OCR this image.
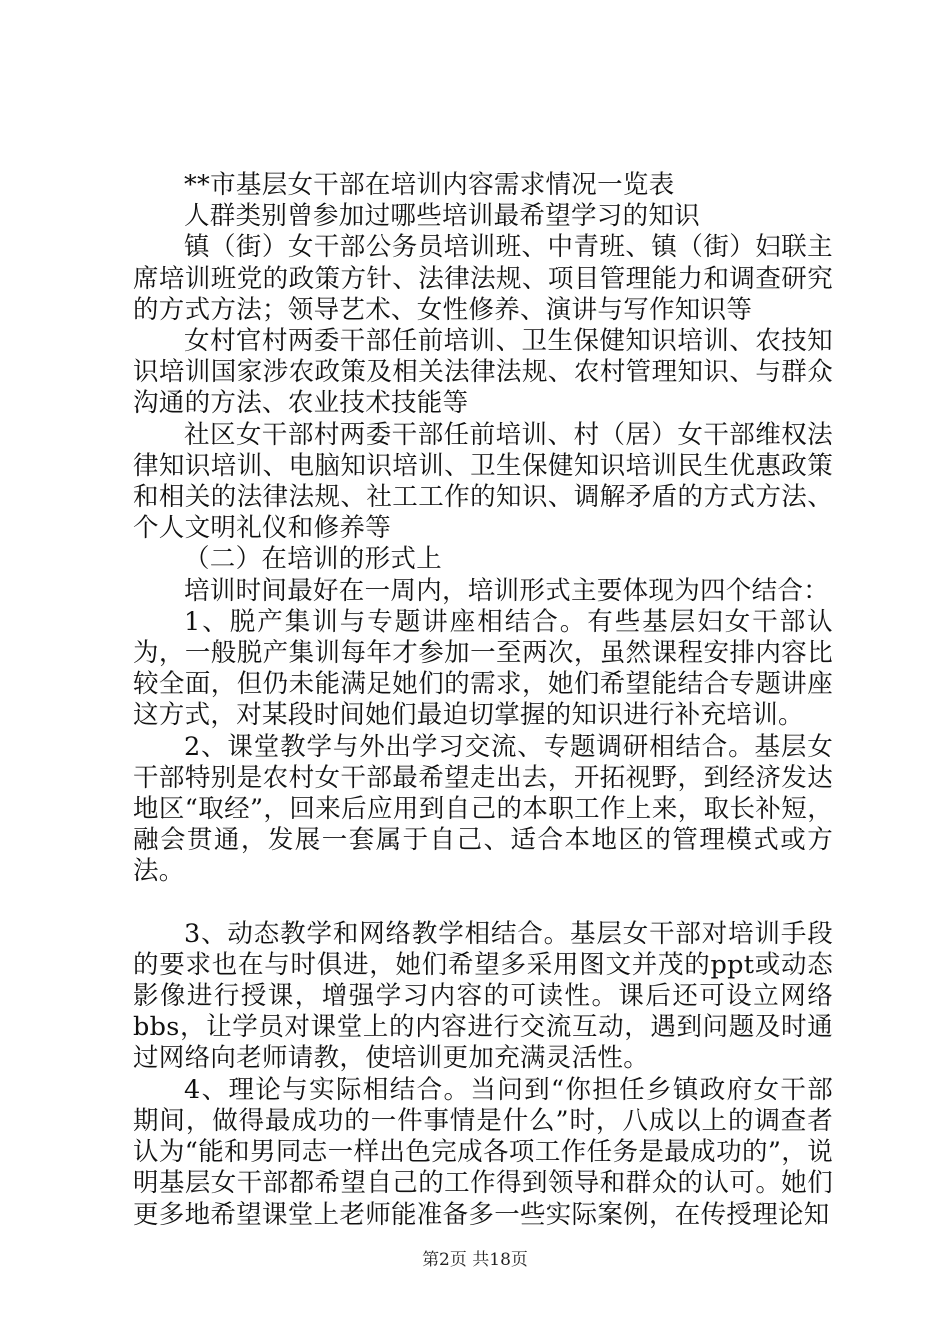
**市基层女干部在培训内容需求情况一览表

人群类别曾参加过哪些培训最希望学习的知识

镇（街）女干部公务员培训班、中青班、镇（街）妇联主席培训班党的政策方针、法律法规、项目管理能力和调查研究的方式方法；领导艺术、女性修养、演讲与写作知识等

女村官村两委干部任前培训、卫生保健知识培训、农技知识培训国家涉农政策及相关法律法规、农村管理知识、与群众沟通的方法、农业技术技能等

社区女干部村两委干部任前培训、村（居）女干部维权法律知识培训、电脑知识培训、卫生保健知识培训民生优惠政策和相关的法律法规、社工工作的知识、调解矛盾的方式方法、个人文明礼仪和修养等

（二）在培训的形式上

培训时间最好在一周内，培训形式主要体现为四个结合：

1、脱产集训与专题讲座相结合。有些基层妇女干部认为，一般脱产集训每年才参加一至两次，虽然课程安排内容比较全面，但仍未能满足她们的需求，她们希望能结合专题讲座这方式，对某段时间她们最迫切掌握的知识进行补充培训。

2、课堂教学与外出学习交流、专题调研相结合。基层女干部特别是农村女干部最希望走出去，开拓视野，到经济发达地区“取经”，回来后应用到自己的本职工作上来，取长补短，融会贯通，发展一套属于自己、适合本地区的管理模式或方法。

3、动态教学和网络教学相结合。基层女干部对培训手段的要求也在与时俱进，她们希望多采用图文并茂的ppt或动态影像进行授课，增强学习内容的可读性。课后还可设立网络bbs，让学员对课堂上的内容进行交流互动，遇到问题及时通过网络向老师请教，使培训更加充满灵活性。

4、理论与实际相结合。当问到“你担任乡镇政府女干部期间，做得最成功的一件事情是什么”时，八成以上的调查者认为“能和男同志一样出色完成各项工作任务是最成功的”，说明基层女干部都希望自己的工作得到领导和群众的认可。她们更多地希望课堂上老师能准备多一些实际案例，在传授理论知

第2页 共18页
